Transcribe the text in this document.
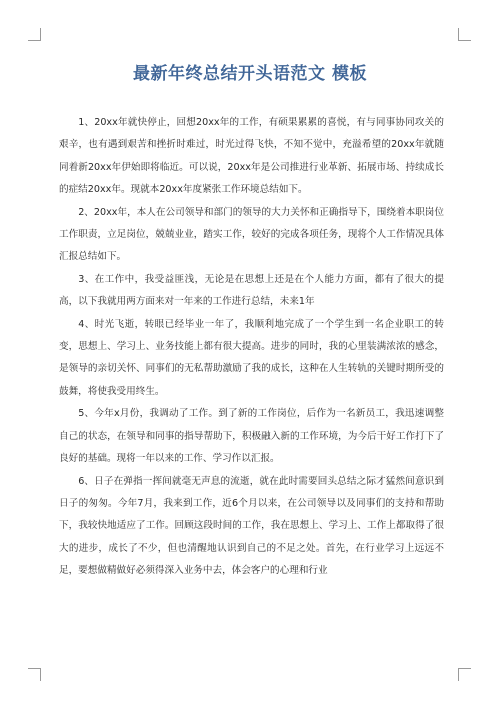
最新年终总结开头语范文 模板

1、20xx年就快停止，回想20xx年的工作，有硕果累累的喜悦，有与同事协同攻关的艰辛，也有遇到艰苦和挫折时难过，时光过得飞快，不知不觉中，充溢希望的20xx年就随同着新20xx年伊始即将临近。可以说，20xx年是公司推进行业革新、拓展市场、持续成长的症结20xx年。现就本20xx年度紧张工作环境总结如下。

2、20xx年，本人在公司领导和部门的领导的大力关怀和正确指导下，围绕着本职岗位工作职责，立足岗位，兢兢业业，踏实工作，较好的完成各项任务，现将个人工作情况具体汇报总结如下。

3、在工作中，我受益匪浅，无论是在思想上还是在个人能力方面，都有了很大的提高，以下我就用两方面来对一年来的工作进行总结，未来1年

4、时光飞逝，转眼已经毕业一年了，我顺利地完成了一个学生到一名企业职工的转变，思想上、学习上、业务技能上都有很大提高。进步的同时，我的心里装满浓浓的感念，是领导的亲切关怀、同事们的无私帮助激励了我的成长，这种在人生转轨的关键时期所受的鼓舞，将使我受用终生。

5、今年x月份，我调动了工作。到了新的工作岗位，后作为一名新员工，我迅速调整自己的状态，在领导和同事的指导帮助下，积极融入新的工作环境，为今后干好工作打下了良好的基础。现将一年以来的工作、学习作以汇报。

6、日子在弹指一挥间就毫无声息的流逝，就在此时需要回头总结之际才猛然间意识到日子的匆匆。今年7月，我来到工作，近6个月以来，在公司领导以及同事们的支持和帮助下，我较快地适应了工作。回顾这段时间的工作，我在思想上、学习上、工作上都取得了很大的进步，成长了不少，但也清醒地认识到自己的不足之处。首先，在行业学习上远远不足，要想做精做好必须得深入业务中去，体会客户的心理和行业
